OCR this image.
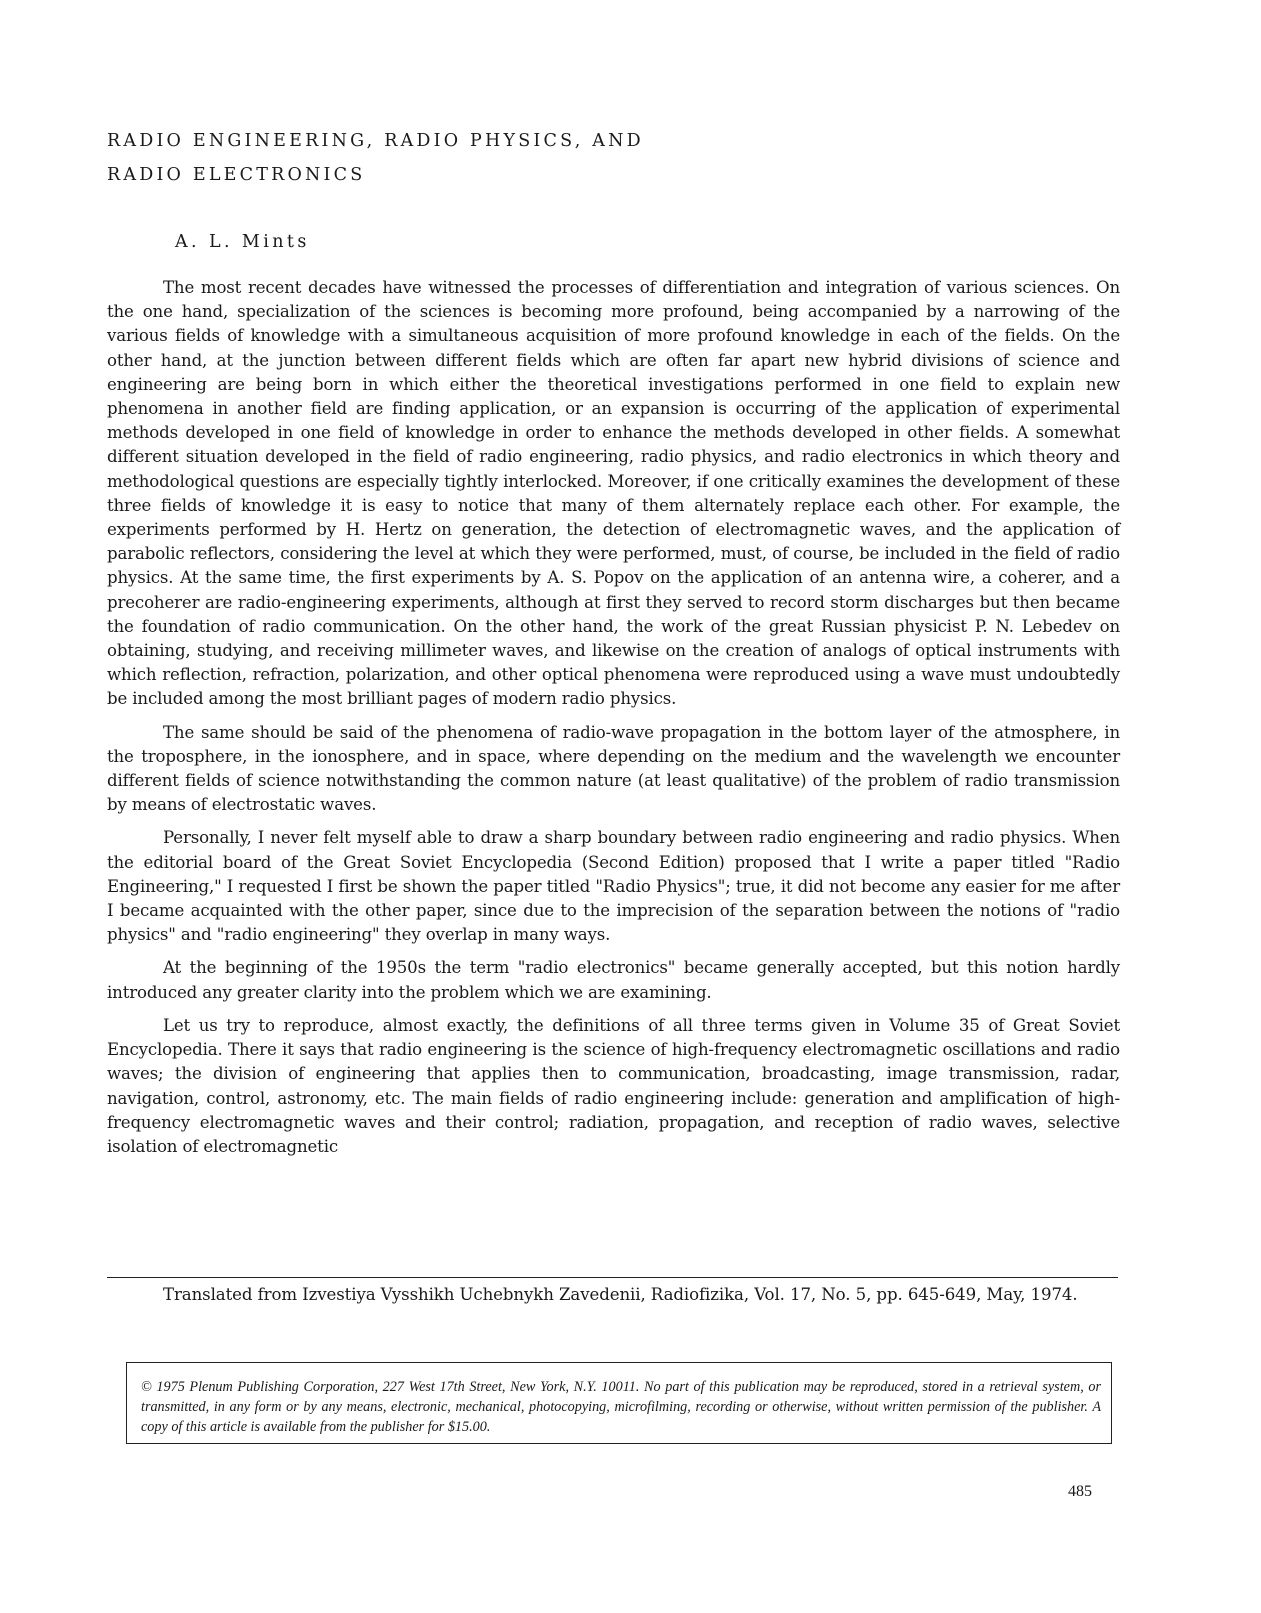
RADIO ENGINEERING, RADIO PHYSICS, AND
RADIO ELECTRONICS

A. L. Mints

The most recent decades have witnessed the processes of differentiation and integration of various sciences. On the one hand, specialization of the sciences is becoming more profound, being accompanied by a narrowing of the various fields of knowledge with a simultaneous acquisition of more profound knowledge in each of the fields. On the other hand, at the junction between different fields which are often far apart new hybrid divisions of science and engineering are being born in which either the theoretical investigations performed in one field to explain new phenomena in another field are finding application, or an expansion is occurring of the application of experimental methods developed in one field of knowledge in order to enhance the methods developed in other fields. A somewhat different situation developed in the field of radio engineering, radio physics, and radio electronics in which theory and methodological questions are especially tightly interlocked. Moreover, if one critically examines the development of these three fields of knowledge it is easy to notice that many of them alternately replace each other. For example, the experiments performed by H. Hertz on generation, the detection of electromagnetic waves, and the application of parabolic reflectors, considering the level at which they were performed, must, of course, be included in the field of radio physics. At the same time, the first experiments by A. S. Popov on the application of an antenna wire, a coherer, and a precoherer are radio-engineering experiments, although at first they served to record storm discharges but then became the foundation of radio communication. On the other hand, the work of the great Russian physicist P. N. Lebedev on obtaining, studying, and receiving millimeter waves, and likewise on the creation of analogs of optical instruments with which reflection, refraction, polarization, and other optical phenomena were reproduced using a wave must undoubtedly be included among the most brilliant pages of modern radio physics.

The same should be said of the phenomena of radio-wave propagation in the bottom layer of the atmosphere, in the troposphere, in the ionosphere, and in space, where depending on the medium and the wavelength we encounter different fields of science notwithstanding the common nature (at least qualitative) of the problem of radio transmission by means of electrostatic waves.

Personally, I never felt myself able to draw a sharp boundary between radio engineering and radio physics. When the editorial board of the Great Soviet Encyclopedia (Second Edition) proposed that I write a paper titled "Radio Engineering," I requested I first be shown the paper titled "Radio Physics"; true, it did not become any easier for me after I became acquainted with the other paper, since due to the imprecision of the separation between the notions of "radio physics" and "radio engineering" they overlap in many ways.

At the beginning of the 1950s the term "radio electronics" became generally accepted, but this notion hardly introduced any greater clarity into the problem which we are examining.

Let us try to reproduce, almost exactly, the definitions of all three terms given in Volume 35 of Great Soviet Encyclopedia. There it says that radio engineering is the science of high-frequency electromagnetic oscillations and radio waves; the division of engineering that applies then to communication, broadcasting, image transmission, radar, navigation, control, astronomy, etc. The main fields of radio engineering include: generation and amplification of high-frequency electromagnetic waves and their control; radiation, propagation, and reception of radio waves, selective isolation of electromagnetic

Translated from Izvestiya Vysshikh Uchebnykh Zavedenii, Radiofizika, Vol. 17, No. 5, pp. 645-649, May, 1974.

© 1975 Plenum Publishing Corporation, 227 West 17th Street, New York, N.Y. 10011. No part of this publication may be reproduced, stored in a retrieval system, or transmitted, in any form or by any means, electronic, mechanical, photocopying, microfilming, recording or otherwise, without written permission of the publisher. A copy of this article is available from the publisher for $15.00.

485
